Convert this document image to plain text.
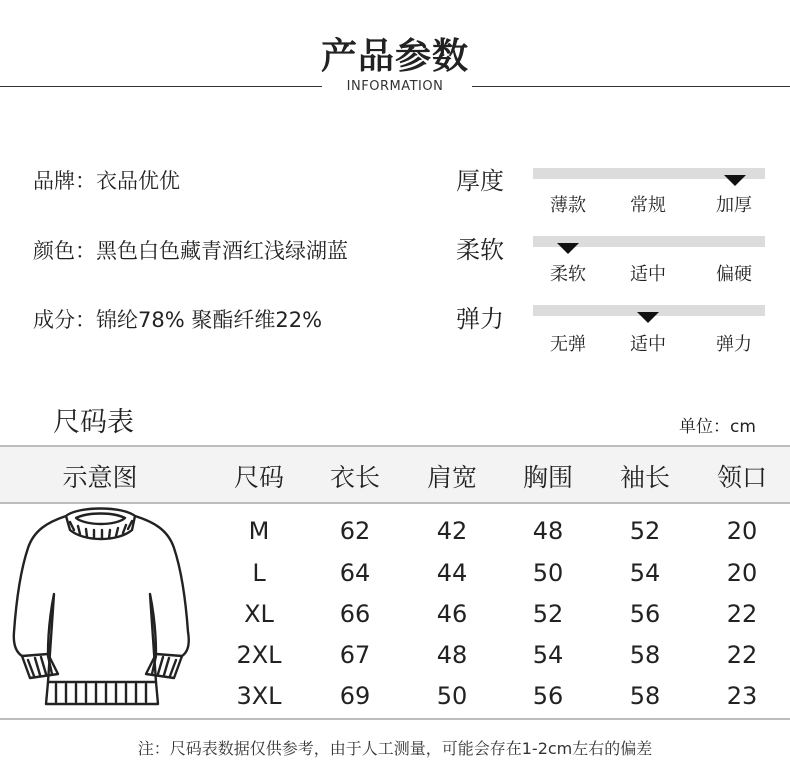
产品参数
INFORMATION
品牌：衣品优优
颜色：黑色白色藏青酒红浅绿湖蓝
成分：锦纶78% 聚酯纤维22%
厚度
薄款 常规	加厚
柔软
柔软 适中	偏硬
弹力
无弹 适中	弹力
尺码表	单位：cm
示意图	尺码 衣长 肩宽 胸围 袖长 领口
M	62	42	48	52	20
L	64	44	50	54	20
XL	66	46	52	56	22
2XL 67	48	54	58	22
3XL 69	50	56	58	23
注：尺码表数据仅供参考，由于人工测量，可能会存在1-2cm左右的偏差
